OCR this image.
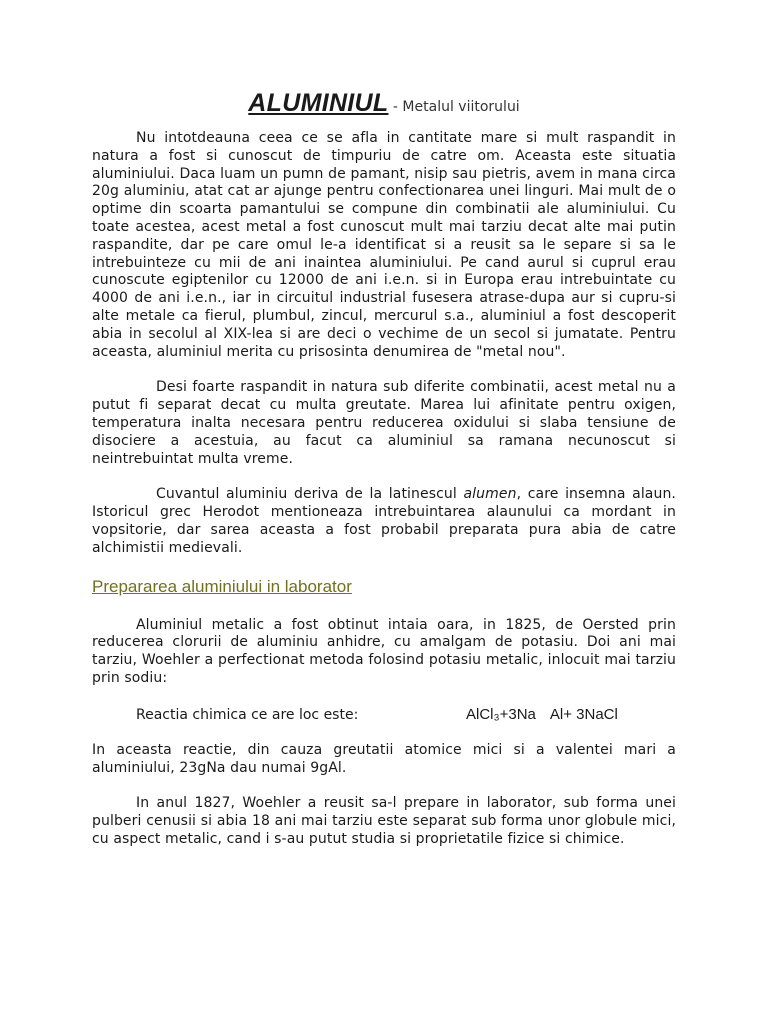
ALUMINIUL - Metalul viitorului

Nu intotdeauna ceea ce se afla in cantitate mare si mult raspandit in natura a fost si cunoscut de timpuriu de catre om. Aceasta este situatia aluminiului. Daca luam un pumn de pamant, nisip sau pietris, avem in mana circa 20g aluminiu, atat cat ar ajunge pentru confectionarea unei linguri. Mai mult de o optime din scoarta pamantului se compune din combinatii ale aluminiului. Cu toate acestea, acest metal a fost cunoscut mult mai tarziu decat alte mai putin raspandite, dar pe care omul le-a identificat si a reusit sa le separe si sa le intrebuinteze cu mii de ani inaintea aluminiului. Pe cand aurul si cuprul erau cunoscute egiptenilor cu 12000 de ani i.e.n. si in Europa erau intrebuintate cu 4000 de ani i.e.n., iar in circuitul industrial fusesera atrase-dupa aur si cupru-si alte metale ca fierul, plumbul, zincul, mercurul s.a., aluminiul a fost descoperit abia in secolul al XIX-lea si are deci o vechime de un secol si jumatate. Pentru aceasta, aluminiul merita cu prisosinta denumirea de "metal nou".

Desi foarte raspandit in natura sub diferite combinatii, acest metal nu a putut fi separat decat cu multa greutate. Marea lui afinitate pentru oxigen, temperatura inalta necesara pentru reducerea oxidului si slaba tensiune de disociere a acestuia, au facut ca aluminiul sa ramana necunoscut si neintrebuintat multa vreme.

Cuvantul aluminiu deriva de la latinescul alumen, care insemna alaun. Istoricul grec Herodot mentioneaza intrebuintarea alaunului ca mordant in vopsitorie, dar sarea aceasta a fost probabil preparata pura abia de catre alchimistii medievali.

Prepararea aluminiului in laborator

Aluminiul metalic a fost obtinut intaia oara, in 1825, de Oersted prin reducerea clorurii de aluminiu anhidre, cu amalgam de potasiu. Doi ani mai tarziu, Woehler a perfectionat metoda folosind potasiu metalic, inlocuit mai tarziu prin sodiu:

Reactia chimica ce are loc este:	AlCl₃+3Na Al+ 3NaCl

In aceasta reactie, din cauza greutatii atomice mici si a valentei mari a aluminiului, 23gNa dau numai 9gAl.

In anul 1827, Woehler a reusit sa-l prepare in laborator, sub forma unei pulberi cenusii si abia 18 ani mai tarziu este separat sub forma unor globule mici, cu aspect metalic, cand i s-au putut studia si proprietatile fizice si chimice.
